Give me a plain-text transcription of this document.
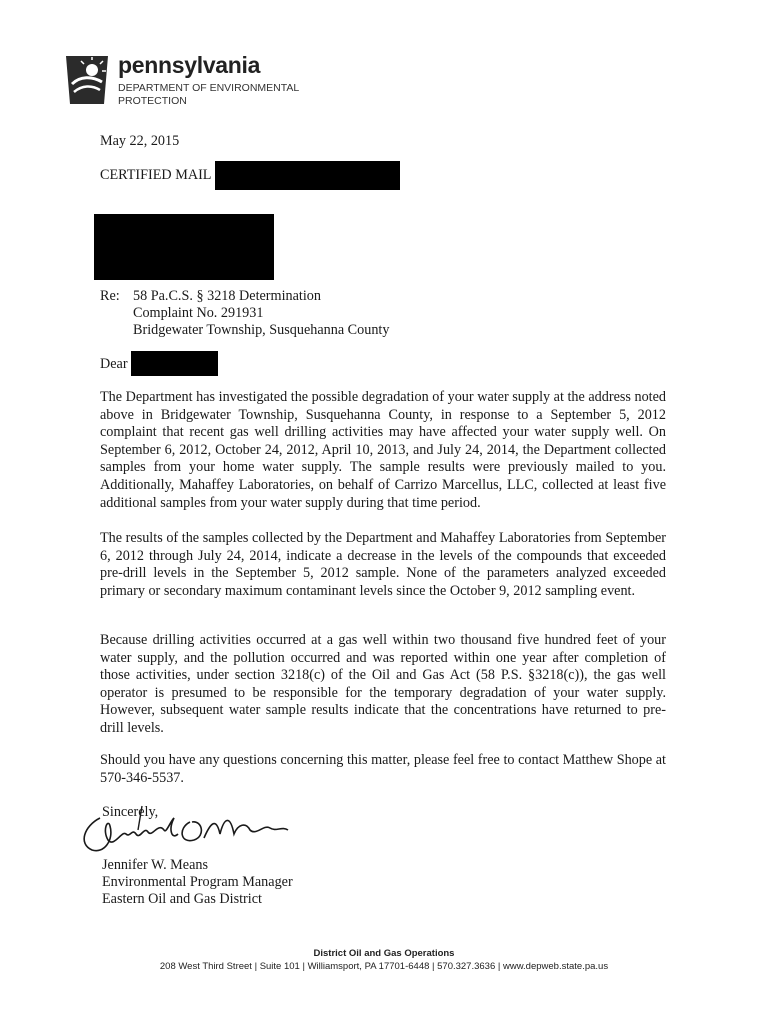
pennsylvania
DEPARTMENT OF ENVIRONMENTAL PROTECTION
May 22, 2015
CERTIFIED MAIL
Re: 58 Pa.C.S. § 3218 Determination
Complaint No. 291931
Bridgewater Township, Susquehanna County
Dear
The Department has investigated the possible degradation of your water supply at the address noted above in Bridgewater Township, Susquehanna County, in response to a September 5, 2012 complaint that recent gas well drilling activities may have affected your water supply well. On September 6, 2012, October 24, 2012, April 10, 2013, and July 24, 2014, the Department collected samples from your home water supply. The sample results were previously mailed to you. Additionally, Mahaffey Laboratories, on behalf of Carrizo Marcellus, LLC, collected at least five additional samples from your water supply during that time period.
The results of the samples collected by the Department and Mahaffey Laboratories from September 6, 2012 through July 24, 2014, indicate a decrease in the levels of the compounds that exceeded pre-drill levels in the September 5, 2012 sample. None of the parameters analyzed exceeded primary or secondary maximum contaminant levels since the October 9, 2012 sampling event.
Because drilling activities occurred at a gas well within two thousand five hundred feet of your water supply, and the pollution occurred and was reported within one year after completion of those activities, under section 3218(c) of the Oil and Gas Act (58 P.S. §3218(c)), the gas well operator is presumed to be responsible for the temporary degradation of your water supply. However, subsequent water sample results indicate that the concentrations have returned to pre-drill levels.
Should you have any questions concerning this matter, please feel free to contact Matthew Shope at 570-346-5537.
Sincerely,
Jennifer W. Means
Environmental Program Manager
Eastern Oil and Gas District
District Oil and Gas Operations
208 West Third Street | Suite 101 | Williamsport, PA 17701-6448 | 570.327.3636 | www.depweb.state.pa.us
